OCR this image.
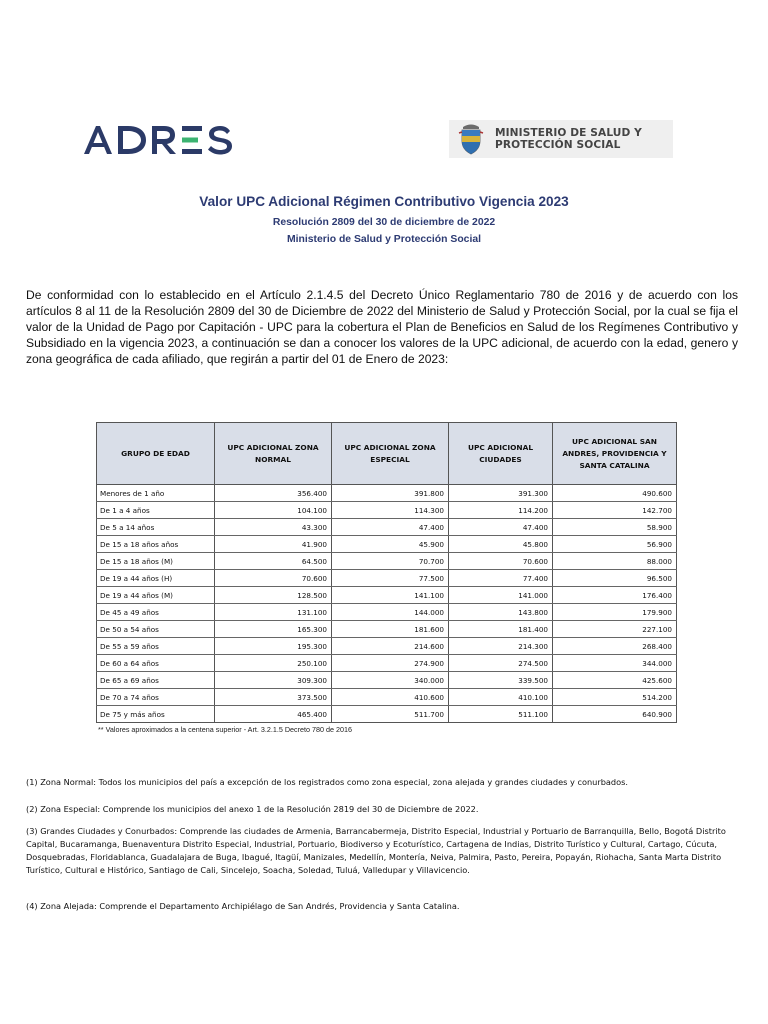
MINISTERIO DE SALUD Y
PROTECCIÓN SOCIAL
Valor UPC Adicional Régimen Contributivo Vigencia 2023
Resolución 2809 del 30 de diciembre de 2022
Ministerio de Salud y Protección Social

De conformidad con lo establecido en el Artículo 2.1.4.5 del Decreto Único Reglamentario 780 de 2016 y de acuerdo con los artículos 8 al 11 de la Resolución 2809 del 30 de Diciembre de 2022 del Ministerio de Salud y Protección Social, por la cual se fija el valor de la Unidad de Pago por Capitación - UPC para la cobertura el Plan de Beneficios en Salud de los Regímenes Contributivo y Subsidiado en la vigencia 2023, a continuación se dan a conocer los valores de la UPC adicional, de acuerdo con la edad, genero y zona geográfica de cada afiliado, que regirán a partir del 01 de Enero de 2023:

GRUPO DE EDAD	UPC ADICIONAL ZONA NORMAL	UPC ADICIONAL ZONA ESPECIAL	UPC ADICIONAL CIUDADES	UPC ADICIONAL SAN ANDRES, PROVIDENCIA Y SANTA CATALINA
Menores de 1 año	356.400	391.800	391.300	490.600
De 1 a 4 años	104.100	114.300	114.200	142.700
De 5 a 14 años	43.300	47.400	47.400	58.900
De 15 a 18 años años	41.900	45.900	45.800	56.900
De 15 a 18 años (M)	64.500	70.700	70.600	88.000
De 19 a 44 años (H)	70.600	77.500	77.400	96.500
De 19 a 44 años (M)	128.500	141.100	141.000	176.400
De 45 a 49 años	131.100	144.000	143.800	179.900
De 50 a 54 años	165.300	181.600	181.400	227.100
De 55 a 59 años	195.300	214.600	214.300	268.400
De 60 a 64 años	250.100	274.900	274.500	344.000
De 65 a 69 años	309.300	340.000	339.500	425.600
De 70 a 74 años	373.500	410.600	410.100	514.200
De 75 y más años	465.400	511.700	511.100	640.900
** Valores aproximados a la centena superior - Art. 3.2.1.5 Decreto 780 de 2016
(1) Zona Normal: Todos los municipios del país a excepción de los registrados como zona especial, zona alejada y grandes ciudades y conurbados.
(2) Zona Especial: Comprende los municipios del anexo 1 de la Resolución 2819 del 30 de Diciembre de 2022.
(3) Grandes Ciudades y Conurbados: Comprende las ciudades de Armenia, Barrancabermeja, Distrito Especial, Industrial y Portuario de Barranquilla, Bello, Bogotá Distrito Capital, Bucaramanga, Buenaventura Distrito Especial, Industrial, Portuario, Biodiverso y Ecoturístico, Cartagena de Indias, Distrito Turístico y Cultural, Cartago, Cúcuta, Dosquebradas, Floridablanca, Guadalajara de Buga, Ibagué, Itagüí, Manizales, Medellín, Montería, Neiva, Palmira, Pasto, Pereira, Popayán, Riohacha, Santa Marta Distrito Turístico, Cultural e Histórico, Santiago de Cali, Sincelejo, Soacha, Soledad, Tuluá, Valledupar y Villavicencio.
(4) Zona Alejada: Comprende el Departamento Archipiélago de San Andrés, Providencia y Santa Catalina.
